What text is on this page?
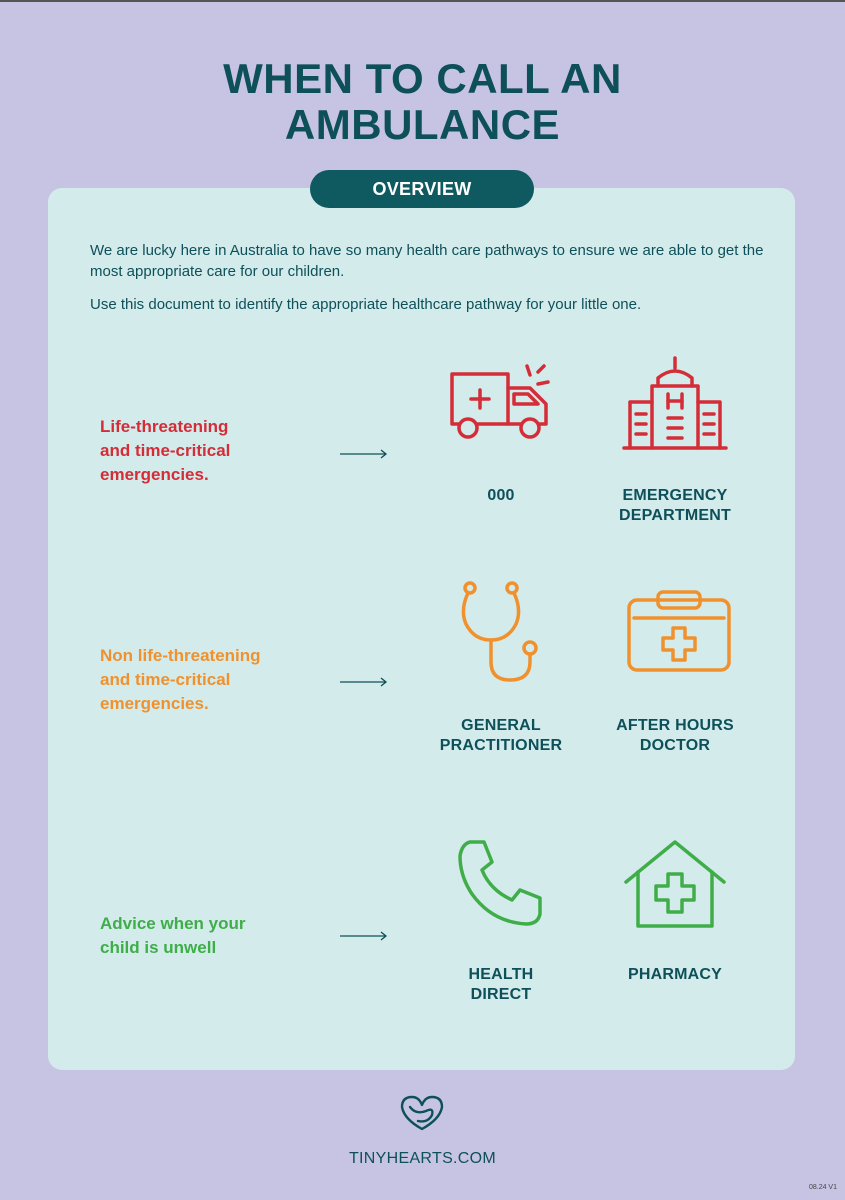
WHEN TO CALL AN
AMBULANCE
OVERVIEW

We are lucky here in Australia to have so many health care pathways to ensure we are able to get the most appropriate care for our children.

Use this document to identify the appropriate healthcare pathway for your little one.

Life-threatening
and time-critical
emergencies.
000	EMERGENCY
DEPARTMENT
Non life-threatening
and time-critical
emergencies.
GENERAL
PRACTITIONER
AFTER HOURS
DOCTOR
Advice when your
child is unwell
HEALTH
DIRECT
PHARMACY
TINYHEARTS.COM
08.24 V1
